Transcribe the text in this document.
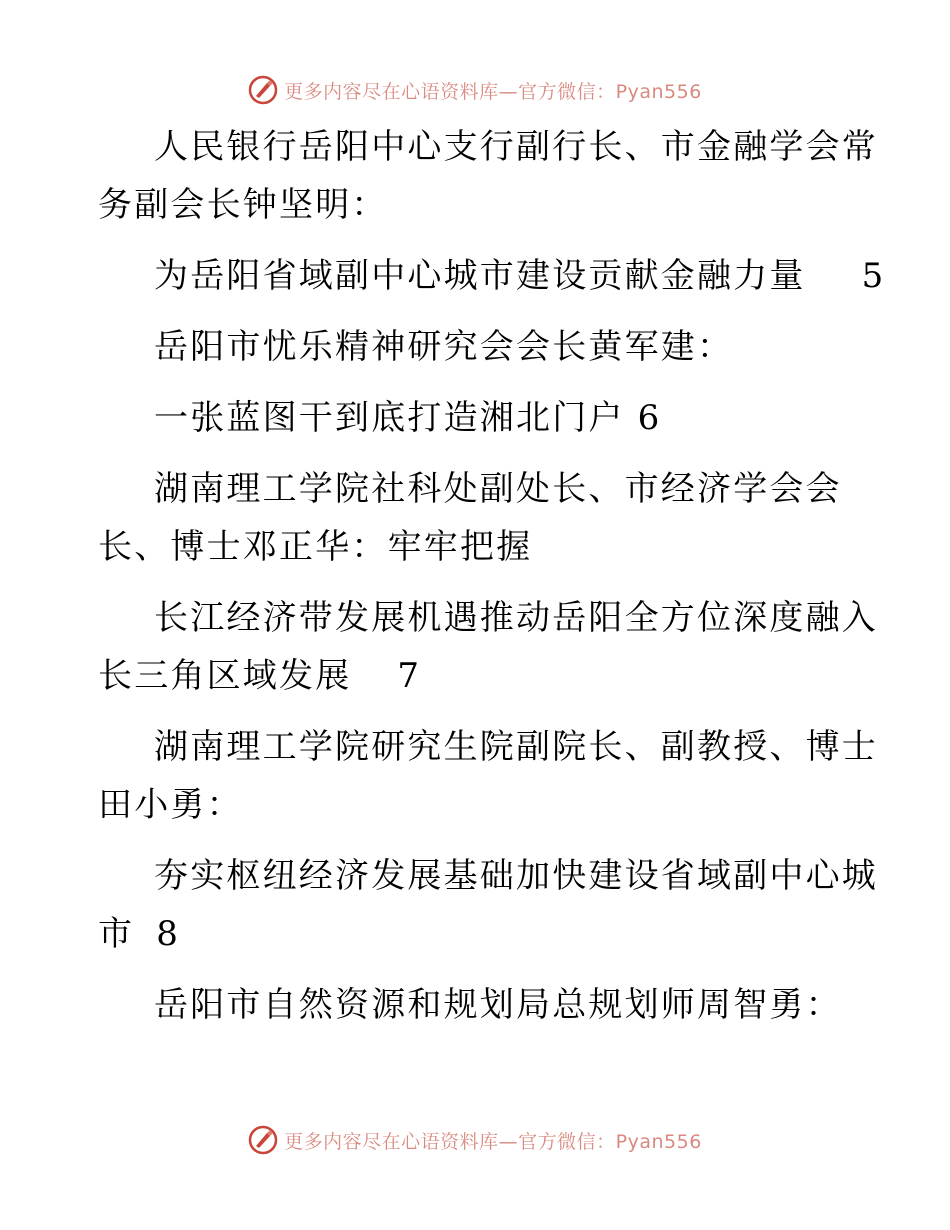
更多内容尽在心语资料库—官方微信：Pyan556
人民银行岳阳中心支行副行长、市金融学会常
务副会长钟坚明：
为岳阳省域副中心城市建设贡献金融力量 5
岳阳市忧乐精神研究会会长黄军建：
一张蓝图干到底打造湘北门户 6
湖南理工学院社科处副处长、市经济学会会
长、博士邓正华：牢牢把握
长江经济带发展机遇推动岳阳全方位深度融入
长三角区域发展 7
湖南理工学院研究生院副院长、副教授、博士
田小勇：
夯实枢纽经济发展基础加快建设省域副中心城
市 8
岳阳市自然资源和规划局总规划师周智勇：
更多内容尽在心语资料库—官方微信：Pyan556
